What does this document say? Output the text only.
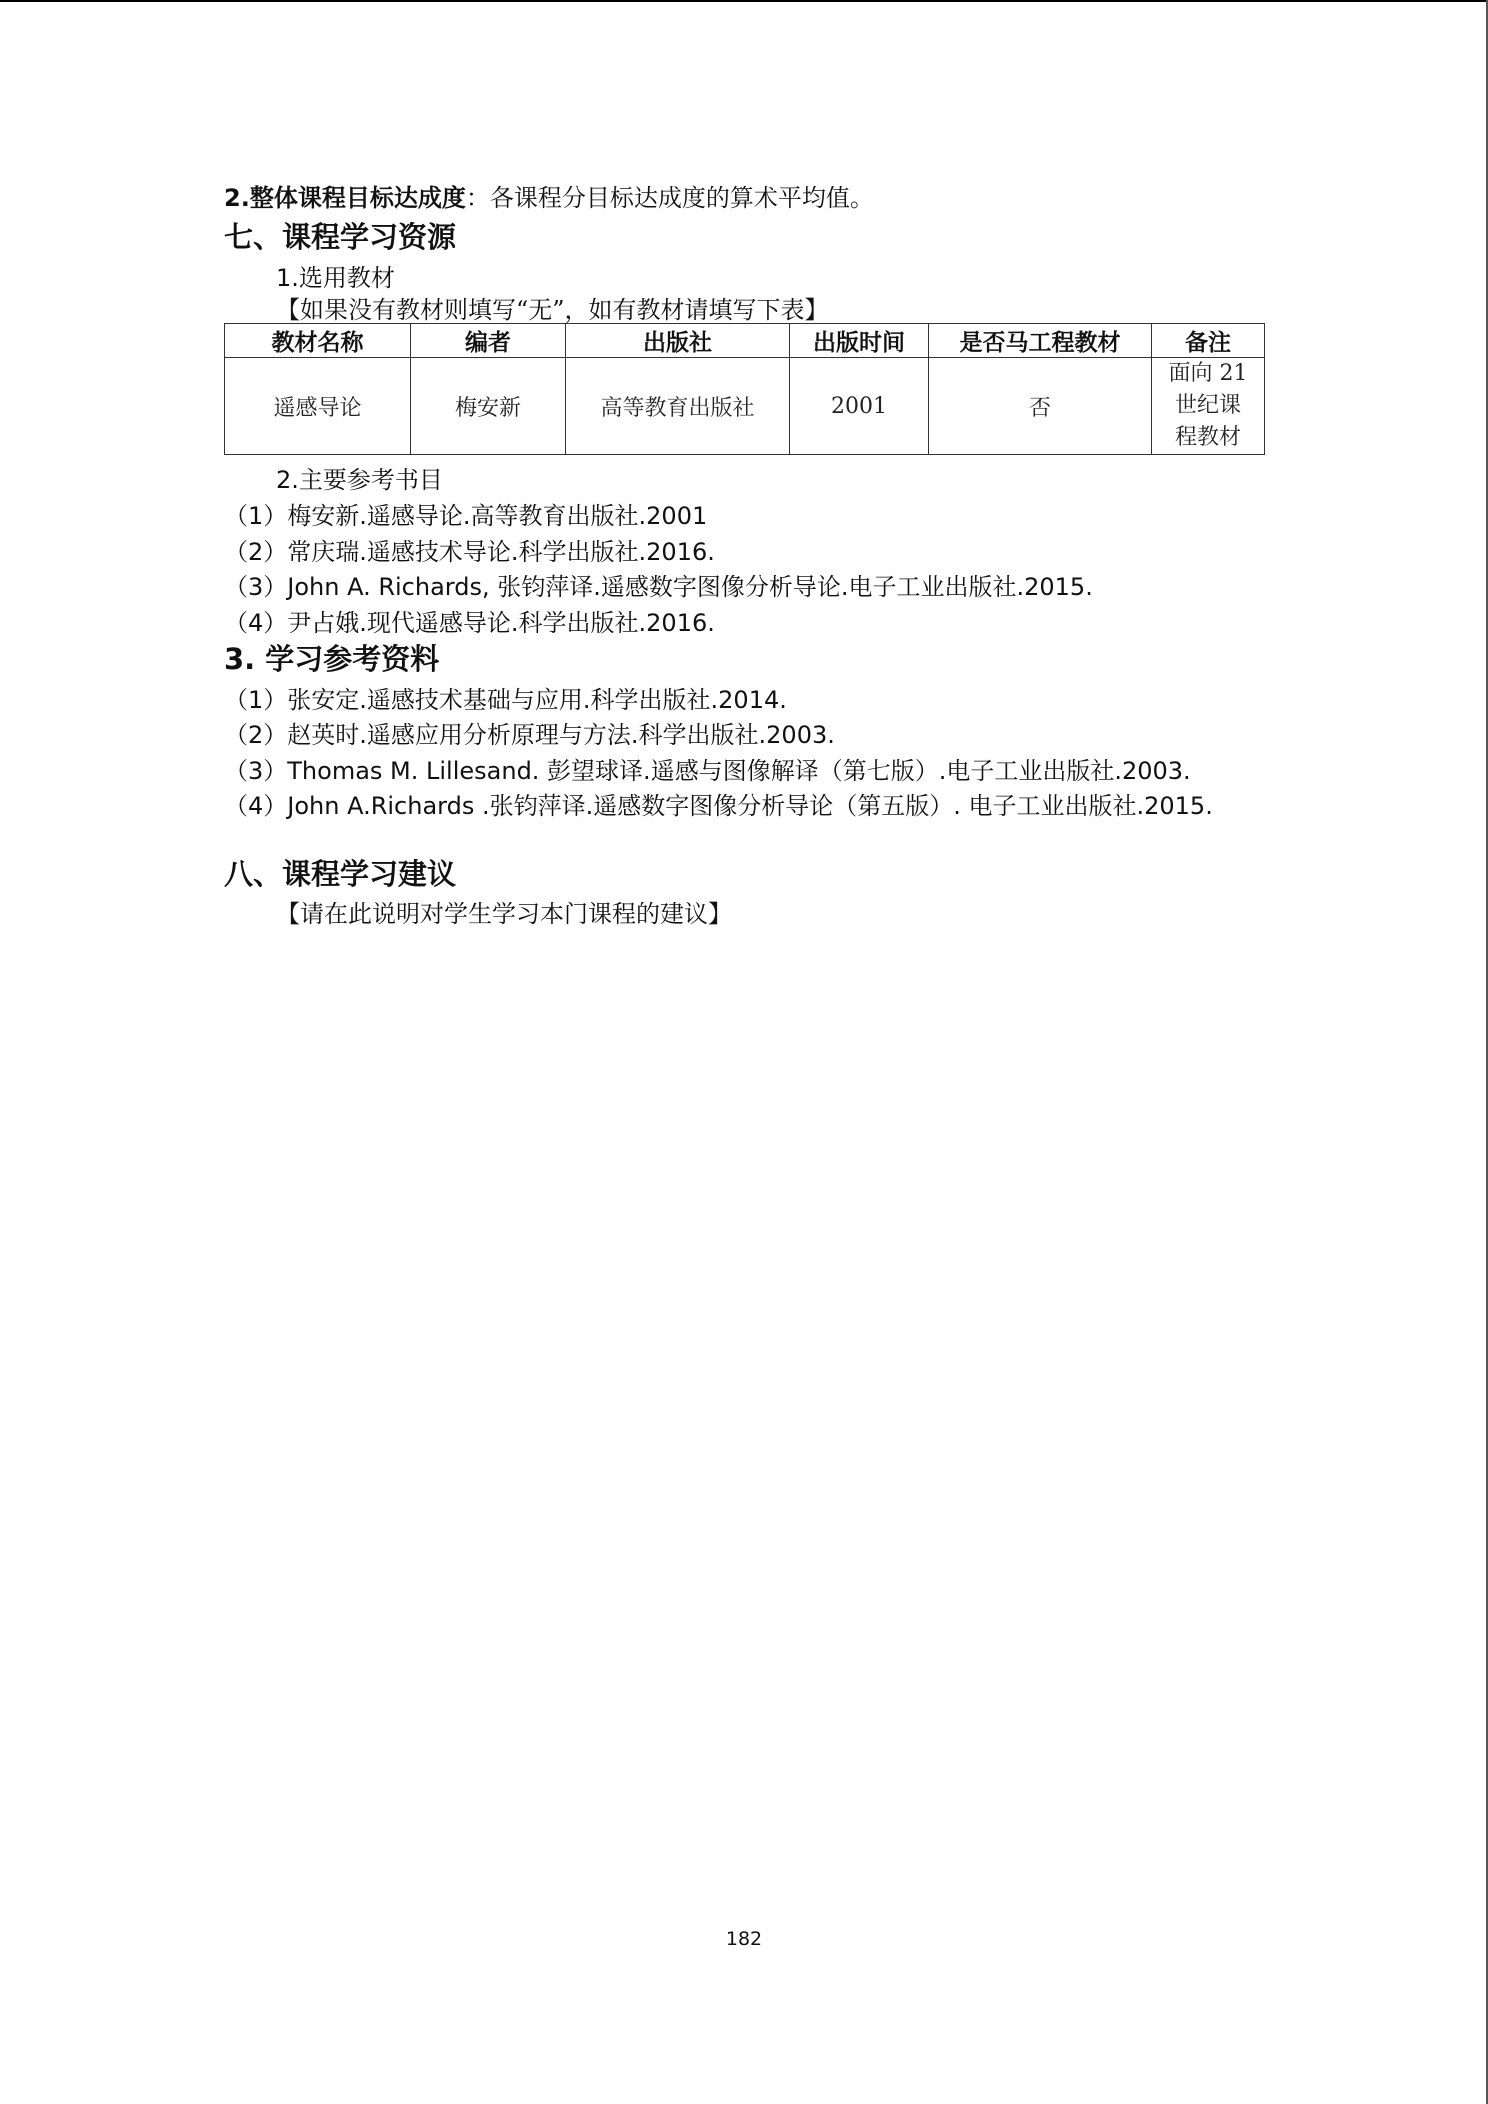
2.整体课程目标达成度：各课程分目标达成度的算术平均值。
七、课程学习资源
1.选用教材
【如果没有教材则填写“无”，如有教材请填写下表】
教材名称	编者	出版社	出版时间	是否马工程教材	备注
遥感导论	梅安新	高等教育出版社	2001	否	面向 21
世纪课
程教材
2.主要参考书目
（1）梅安新.遥感导论.高等教育出版社.2001
（2）常庆瑞.遥感技术导论.科学出版社.2016.
（3）John A. Richards, 张钧萍译.遥感数字图像分析导论.电子工业出版社.2015.
（4）尹占娥.现代遥感导论.科学出版社.2016.
3. 学习参考资料
（1）张安定.遥感技术基础与应用.科学出版社.2014.
（2）赵英时.遥感应用分析原理与方法.科学出版社.2003.
（3）Thomas M. Lillesand. 彭望球译.遥感与图像解译（第七版）.电子工业出版社.2003.
（4）John A.Richards .张钧萍译.遥感数字图像分析导论（第五版）. 电子工业出版社.2015.
八、课程学习建议
【请在此说明对学生学习本门课程的建议】
182
